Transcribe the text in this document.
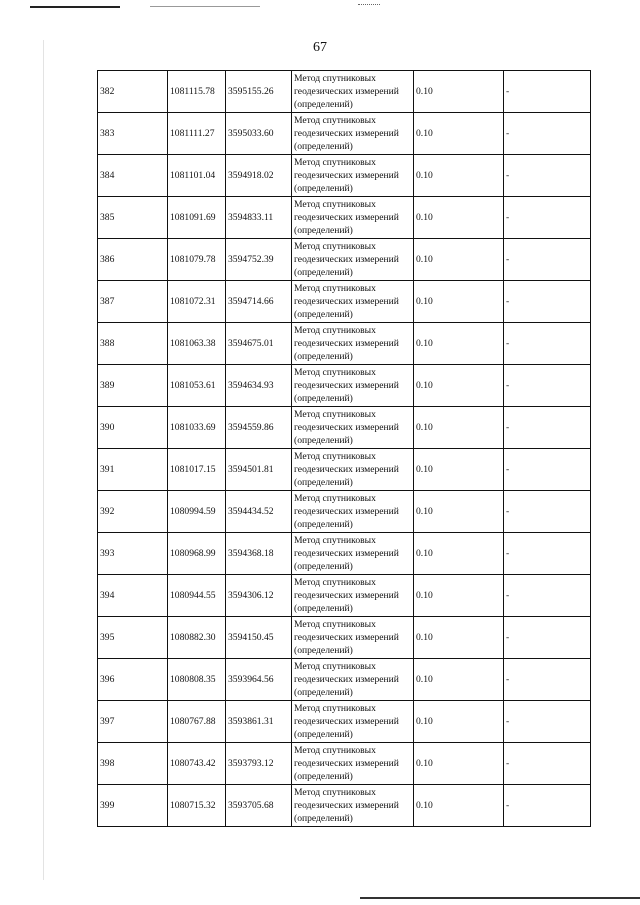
67
382	1081115.78	3595155.26	Метод спутниковых геодезических измерений (определений)	0.10	-
383	1081111.27	3595033.60	Метод спутниковых геодезических измерений (определений)	0.10	-
384	1081101.04	3594918.02	Метод спутниковых геодезических измерений (определений)	0.10	-
385	1081091.69	3594833.11	Метод спутниковых геодезических измерений (определений)	0.10	-
386	1081079.78	3594752.39	Метод спутниковых геодезических измерений (определений)	0.10	-
387	1081072.31	3594714.66	Метод спутниковых геодезических измерений (определений)	0.10	-
388	1081063.38	3594675.01	Метод спутниковых геодезических измерений (определений)	0.10	-
389	1081053.61	3594634.93	Метод спутниковых геодезических измерений (определений)	0.10	-
390	1081033.69	3594559.86	Метод спутниковых геодезических измерений (определений)	0.10	-
391	1081017.15	3594501.81	Метод спутниковых геодезических измерений (определений)	0.10	-
392	1080994.59	3594434.52	Метод спутниковых геодезических измерений (определений)	0.10	-
393	1080968.99	3594368.18	Метод спутниковых геодезических измерений (определений)	0.10	-
394	1080944.55	3594306.12	Метод спутниковых геодезических измерений (определений)	0.10	-
395	1080882.30	3594150.45	Метод спутниковых геодезических измерений (определений)	0.10	-
396	1080808.35	3593964.56	Метод спутниковых геодезических измерений (определений)	0.10	-
397	1080767.88	3593861.31	Метод спутниковых геодезических измерений (определений)	0.10	-
398	1080743.42	3593793.12	Метод спутниковых геодезических измерений (определений)	0.10	-
399	1080715.32	3593705.68	Метод спутниковых геодезических измерений (определений)	0.10	-
